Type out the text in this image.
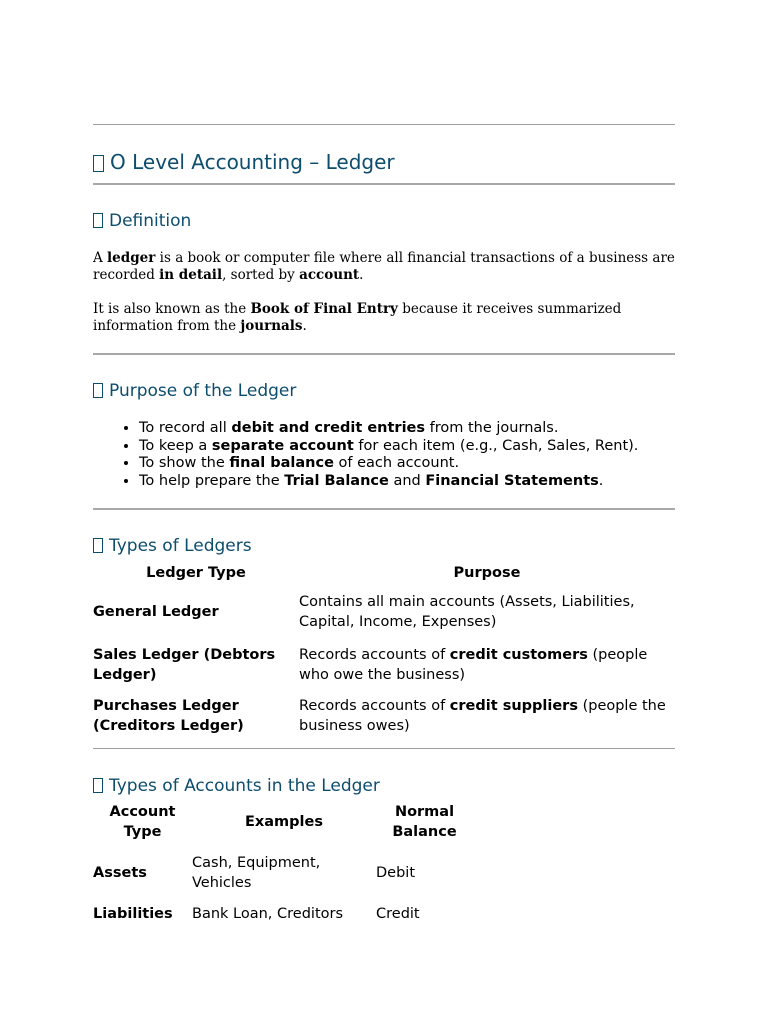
O Level Accounting – Ledger
Definition

A ledger is a book or computer file where all financial transactions of a business are recorded in detail, sorted by account.

It is also known as the Book of Final Entry because it receives summarized information from the journals.

Purpose of the Ledger
• To record all debit and credit entries from the journals.
• To keep a separate account for each item (e.g., Cash, Sales, Rent).
• To show the final balance of each account.
• To help prepare the Trial Balance and Financial Statements.
Types of Ledgers
Ledger Type	Purpose
General Ledger	Contains all main accounts (Assets, Liabilities, Capital, Income, Expenses)
Sales Ledger (Debtors Ledger)	Records accounts of credit customers (people who owe the business)
Purchases Ledger (Creditors Ledger)	Records accounts of credit suppliers (people the business owes)
Types of Accounts in the Ledger
Account Type	Examples	Normal Balance
Assets	Cash, Equipment, Vehicles	Debit
Liabilities	Bank Loan, Creditors	Credit
